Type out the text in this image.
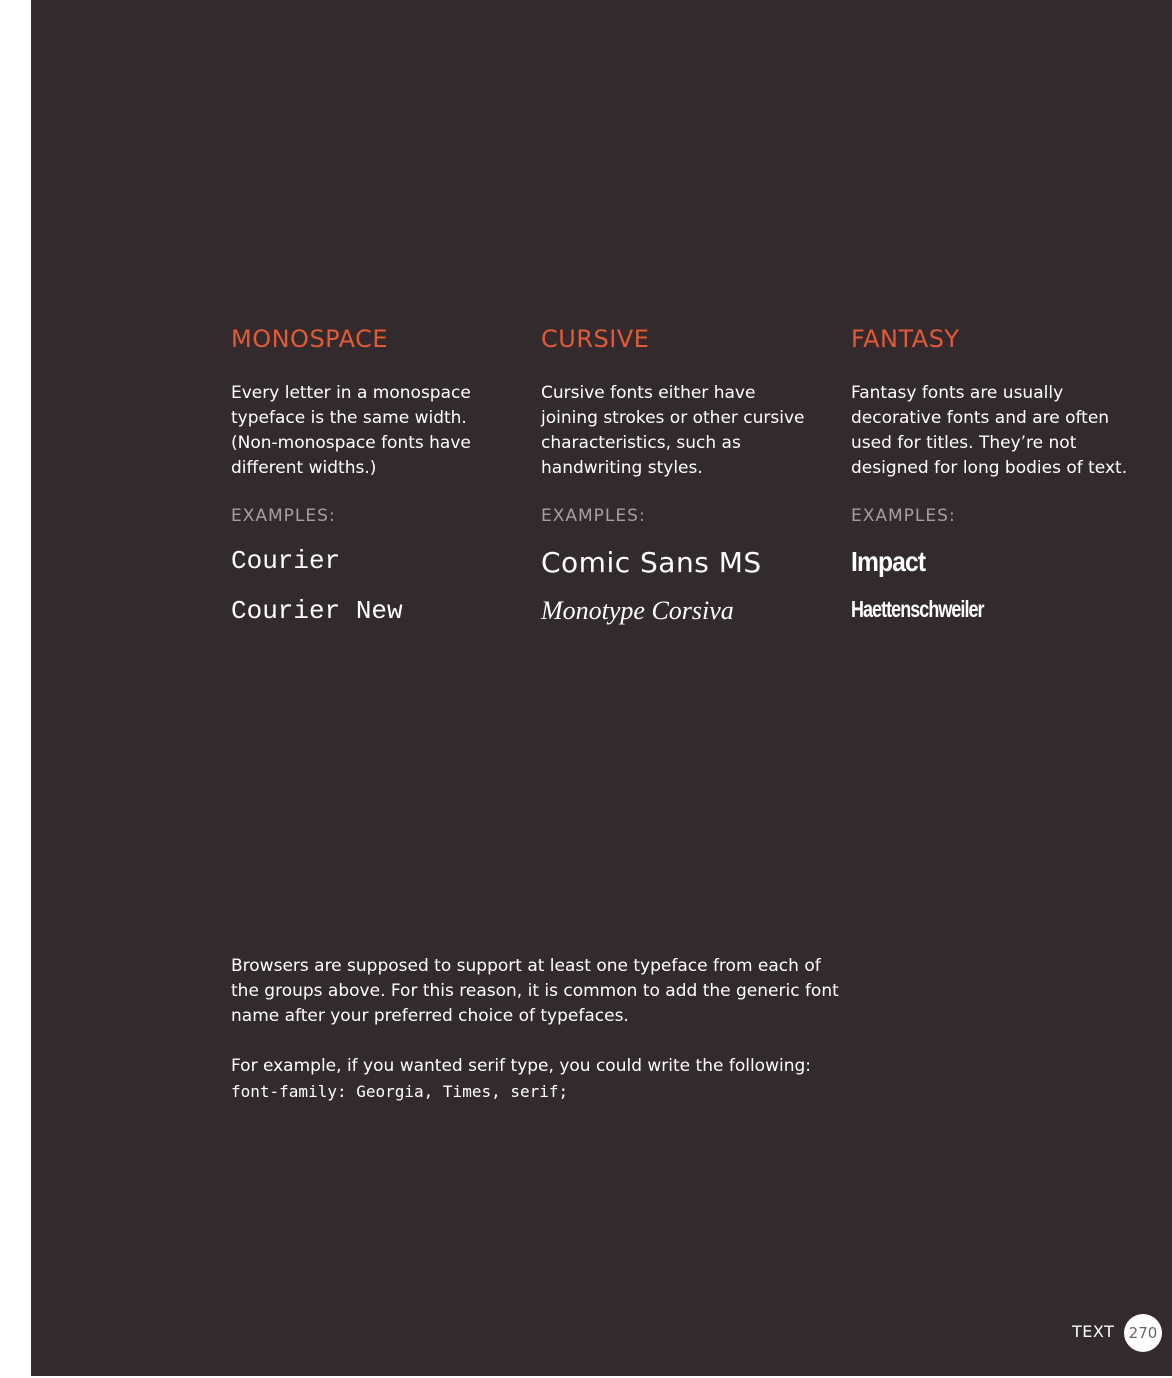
MONOSPACE
Every letter in a monospace
typeface is the same width.
(Non-monospace fonts have
different widths.)
EXAMPLES:
Courier
Courier New
CURSIVE
Cursive fonts either have
joining strokes or other cursive
characteristics, such as
handwriting styles.
EXAMPLES:
Comic Sans MS
Monotype Corsiva
FANTASY
Fantasy fonts are usually
decorative fonts and are often
used for titles. They’re not
designed for long bodies of text.
EXAMPLES:
Impact
Haettenschweiler
Browsers are supposed to support at least one typeface from each of
the groups above. For this reason, it is common to add the generic font
name after your preferred choice of typefaces.
For example, if you wanted serif type, you could write the following:
font-family: Georgia, Times, serif;
TEXT 270
